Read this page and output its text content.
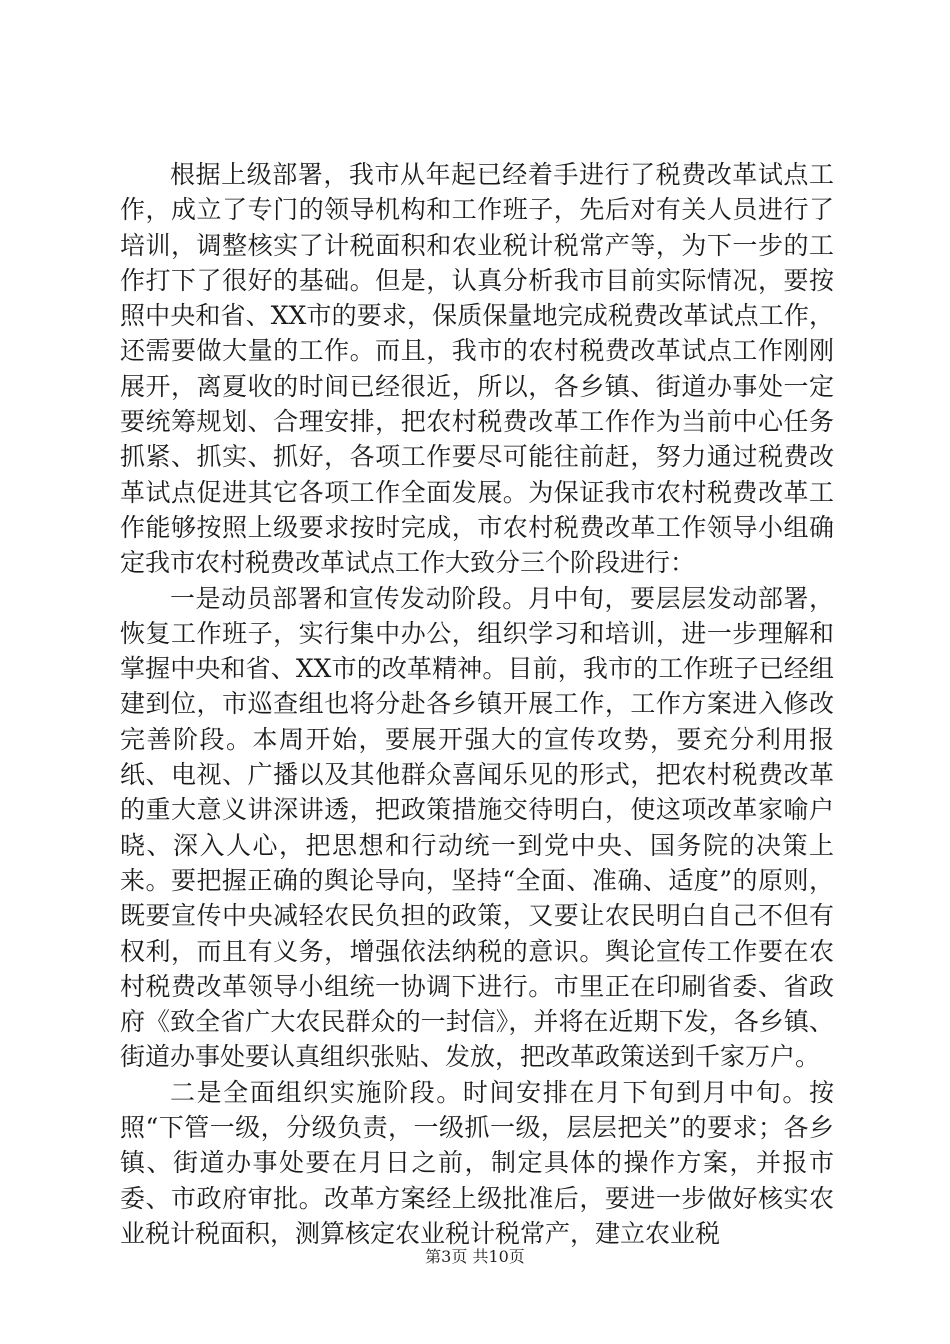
根据上级部署，我市从年起已经着手进行了税费改革试点工作，成立了专门的领导机构和工作班子，先后对有关人员进行了培训，调整核实了计税面积和农业税计税常产等，为下一步的工作打下了很好的基础。但是，认真分析我市目前实际情况，要按照中央和省、XX市的要求，保质保量地完成税费改革试点工作，还需要做大量的工作。而且，我市的农村税费改革试点工作刚刚展开，离夏收的时间已经很近，所以，各乡镇、街道办事处一定要统筹规划、合理安排，把农村税费改革工作作为当前中心任务抓紧、抓实、抓好，各项工作要尽可能往前赶，努力通过税费改革试点促进其它各项工作全面发展。为保证我市农村税费改革工作能够按照上级要求按时完成，市农村税费改革工作领导小组确定我市农村税费改革试点工作大致分三个阶段进行：

一是动员部署和宣传发动阶段。月中旬，要层层发动部署，恢复工作班子，实行集中办公，组织学习和培训，进一步理解和掌握中央和省、XX市的改革精神。目前，我市的工作班子已经组建到位，市巡查组也将分赴各乡镇开展工作，工作方案进入修改完善阶段。本周开始，要展开强大的宣传攻势，要充分利用报纸、电视、广播以及其他群众喜闻乐见的形式，把农村税费改革的重大意义讲深讲透，把政策措施交待明白，使这项改革家喻户晓、深入人心，把思想和行动统一到党中央、国务院的决策上来。要把握正确的舆论导向，坚持“全面、准确、适度”的原则，既要宣传中央减轻农民负担的政策，又要让农民明白自己不但有权利，而且有义务，增强依法纳税的意识。舆论宣传工作要在农村税费改革领导小组统一协调下进行。市里正在印刷省委、省政府《致全省广大农民群众的一封信》，并将在近期下发，各乡镇、街道办事处要认真组织张贴、发放，把改革政策送到千家万户。

二是全面组织实施阶段。时间安排在月下旬到月中旬。按照“下管一级，分级负责，一级抓一级，层层把关”的要求；各乡镇、街道办事处要在月日之前，制定具体的操作方案，并报市委、市政府审批。改革方案经上级批准后，要进一步做好核实农业税计税面积，测算核定农业税计税常产，建立农业税

第3页 共10页
